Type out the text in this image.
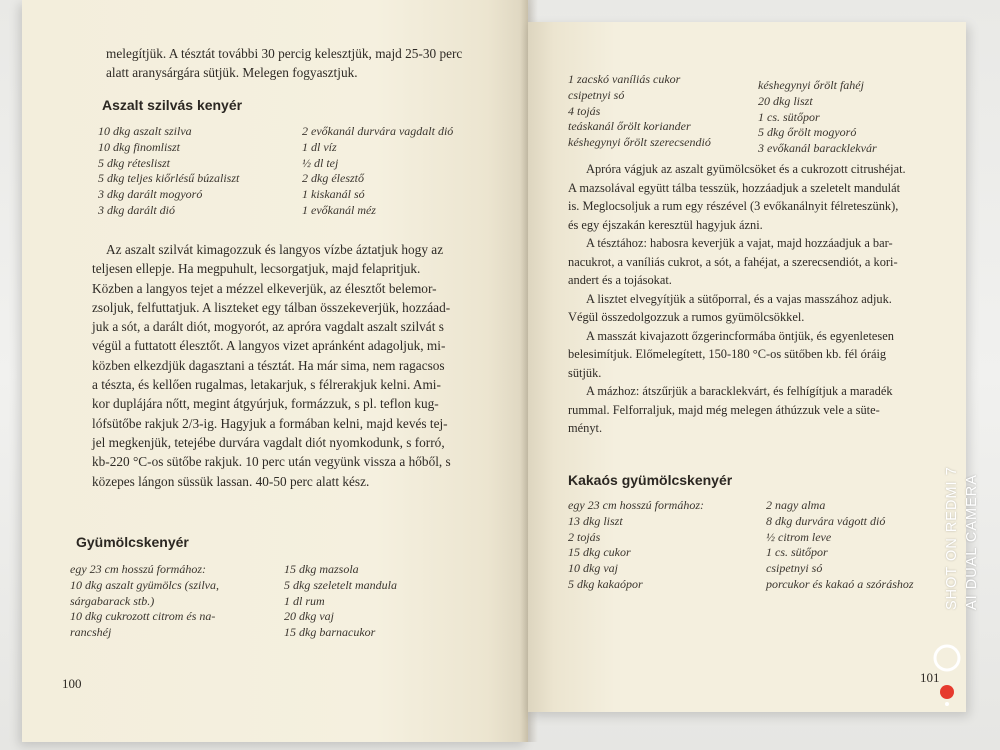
melegítjük. A tésztát további 30 percig kelesztjük, majd 25-30 perc
alatt aranysárgára sütjük. Melegen fogyasztjuk.
Aszalt szilvás kenyér
10 dkg aszalt szilva
10 dkg finomliszt
5 dkg rétesliszt
5 dkg teljes kiőrlésű búzaliszt
3 dkg darált mogyoró
3 dkg darált dió
2 evőkanál durvára vagdalt dió
1 dl víz
½ dl tej
2 dkg élesztő
1 kiskanál só
1 evőkanál méz
Az aszalt szilvát kimagozzuk és langyos vízbe áztatjuk hogy az
teljesen ellepje. Ha megpuhult, lecsorgatjuk, majd felapritjuk.
Közben a langyos tejet a mézzel elkeverjük, az élesztőt belemor-
zsoljuk, felfuttatjuk. A liszteket egy tálban összekeverjük, hozzáad-
juk a sót, a darált diót, mogyorót, az apróra vagdalt aszalt szilvát s
végül a futtatott élesztőt. A langyos vizet apránként adagoljuk, mi-
közben elkezdjük dagasztani a tésztát. Ha már sima, nem ragacsos
a tészta, és kellően rugalmas, letakarjuk, s félrerakjuk kelni. Ami-
kor duplájára nőtt, megint átgyúrjuk, formázzuk, s pl. teflon kug-
lófsütőbe rakjuk 2/3-ig. Hagyjuk a formában kelni, majd kevés tej-
jel megkenjük, tetejébe durvára vagdalt diót nyomkodunk, s forró,
kb-220 °C-os sütőbe rakjuk. 10 perc után vegyünk vissza a hőből, s
közepes lángon süssük lassan. 40-50 perc alatt kész.
Gyümölcskenyér
egy 23 cm hosszú formához:
10 dkg aszalt gyümölcs (szilva,
sárgabarack stb.)
10 dkg cukrozott citrom és na-
rancshéj
15 dkg mazsola
5 dkg szeletelt mandula
1 dl rum
20 dkg vaj
15 dkg barnacukor
100
1 zacskó vaníliás cukor
csipetnyi só
4 tojás
teáskanál őrölt koriander
késhegynyi őrölt szerecsendió
késhegynyi őrölt fahéj
20 dkg liszt
1 cs. sütőpor
5 dkg őrölt mogyoró
3 evőkanál baracklekvár
Apróra vágjuk az aszalt gyümölcsöket és a cukrozott citrushéjat.
A mazsolával együtt tálba tesszük, hozzáadjuk a szeletelt mandulát
is. Meglocsoljuk a rum egy részével (3 evőkanálnyit félreteszünk),
és egy éjszakán keresztül hagyjuk ázni.
A tésztához: habosra keverjük a vajat, majd hozzáadjuk a bar-
nacukrot, a vaníliás cukrot, a sót, a fahéjat, a szerecsendiót, a kori-
andert és a tojásokat.
A lisztet elvegyítjük a sütőporral, és a vajas masszához adjuk.
Végül összedolgozzuk a rumos gyümölcsökkel.
A masszát kivajazott őzgerincformába öntjük, és egyenletesen
belesimítjuk. Előmelegített, 150-180 °C-os sütőben kb. fél óráig
sütjük.
A mázhoz: átszűrjük a baracklekvárt, és felhígítjuk a maradék
rummal. Felforraljuk, majd még melegen áthúzzuk vele a süte-
ményt.
Kakaós gyümölcskenyér
egy 23 cm hosszú formához:
13 dkg liszt
2 tojás
15 dkg cukor
10 dkg vaj
5 dkg kakaópor
2 nagy alma
8 dkg durvára vágott dió
½ citrom leve
1 cs. sütőpor
csipetnyi só
porcukor és kakaó a szóráshoz
101
SHOT ON REDMI 7 AI DUAL CAMERA
